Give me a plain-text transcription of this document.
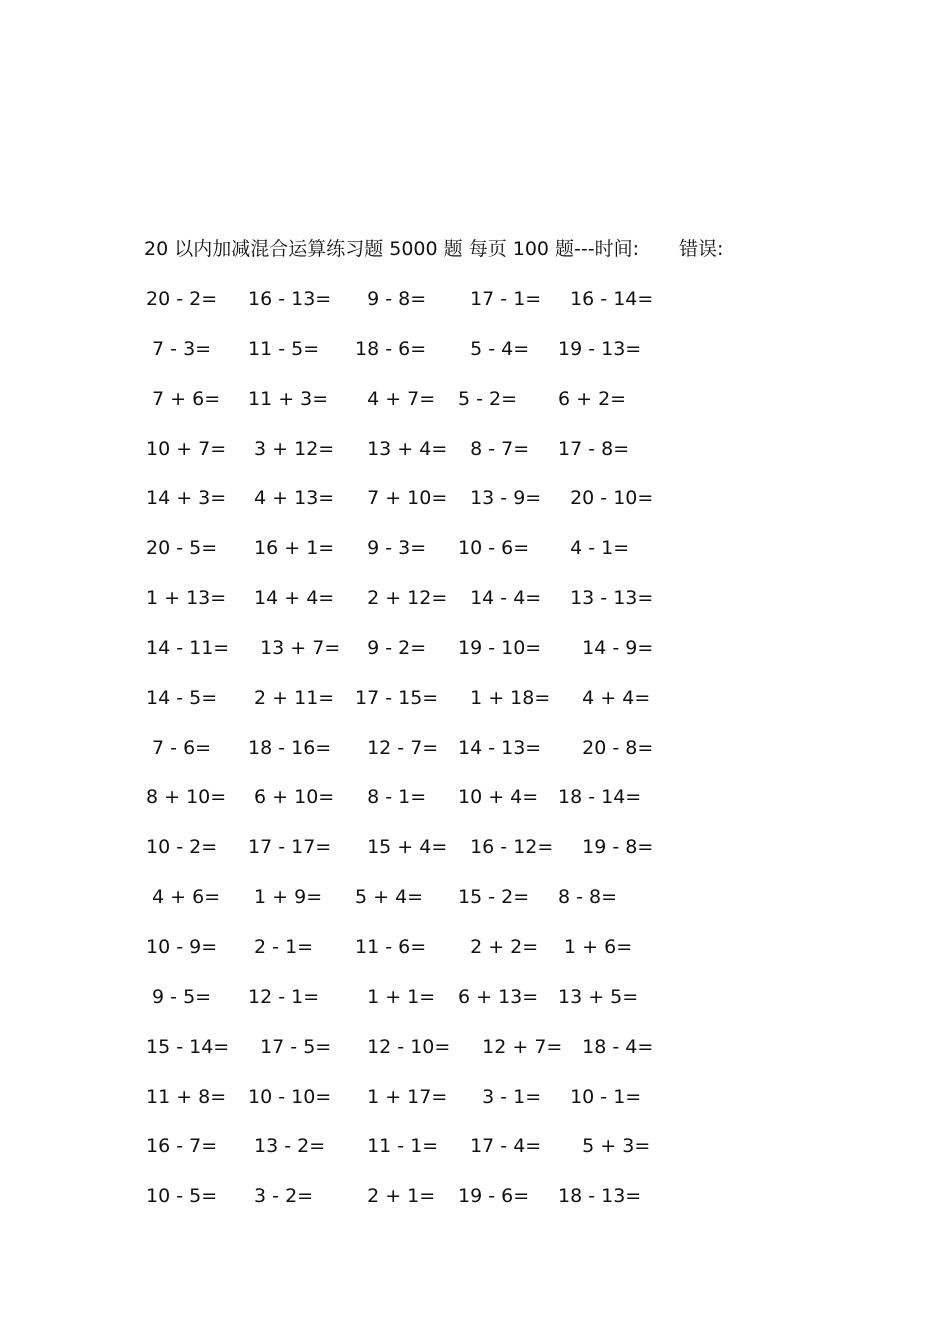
20 以内加减混合运算练习题 5000 题 每页 100 题---时间: 错误:
20 - 2= 16 - 13= 9 - 8= 17 - 1= 16 - 14=
7 - 3= 11 - 5= 18 - 6= 5 - 4= 19 - 13=
7 + 6= 11 + 3= 4 + 7= 5 - 2= 6 + 2=
10 + 7= 3 + 12= 13 + 4= 8 - 7= 17 - 8=
14 + 3= 4 + 13= 7 + 10= 13 - 9= 20 - 10=
20 - 5= 16 + 1= 9 - 3= 10 - 6= 4 - 1=
1 + 13= 14 + 4= 2 + 12= 14 - 4= 13 - 13=
14 - 11= 13 + 7= 9 - 2= 19 - 10= 14 - 9=
14 - 5= 2 + 11= 17 - 15= 1 + 18= 4 + 4=
7 - 6= 18 - 16= 12 - 7= 14 - 13= 20 - 8=
8 + 10= 6 + 10= 8 - 1= 10 + 4= 18 - 14=
10 - 2= 17 - 17= 15 + 4= 16 - 12= 19 - 8=
4 + 6= 1 + 9= 5 + 4= 15 - 2= 8 - 8=
10 - 9= 2 - 1= 11 - 6= 2 + 2= 1 + 6=
9 - 5= 12 - 1= 1 + 1= 6 + 13= 13 + 5=
15 - 14= 17 - 5= 12 - 10= 12 + 7=
18 - 4=
11 + 8= 10 - 10= 1 + 17= 3 - 1= 10 - 1=
16 - 7= 13 - 2= 11 - 1= 17 - 4= 5 + 3=
10 - 5= 3 - 2= 2 + 1= 19 - 6= 18 - 13=
